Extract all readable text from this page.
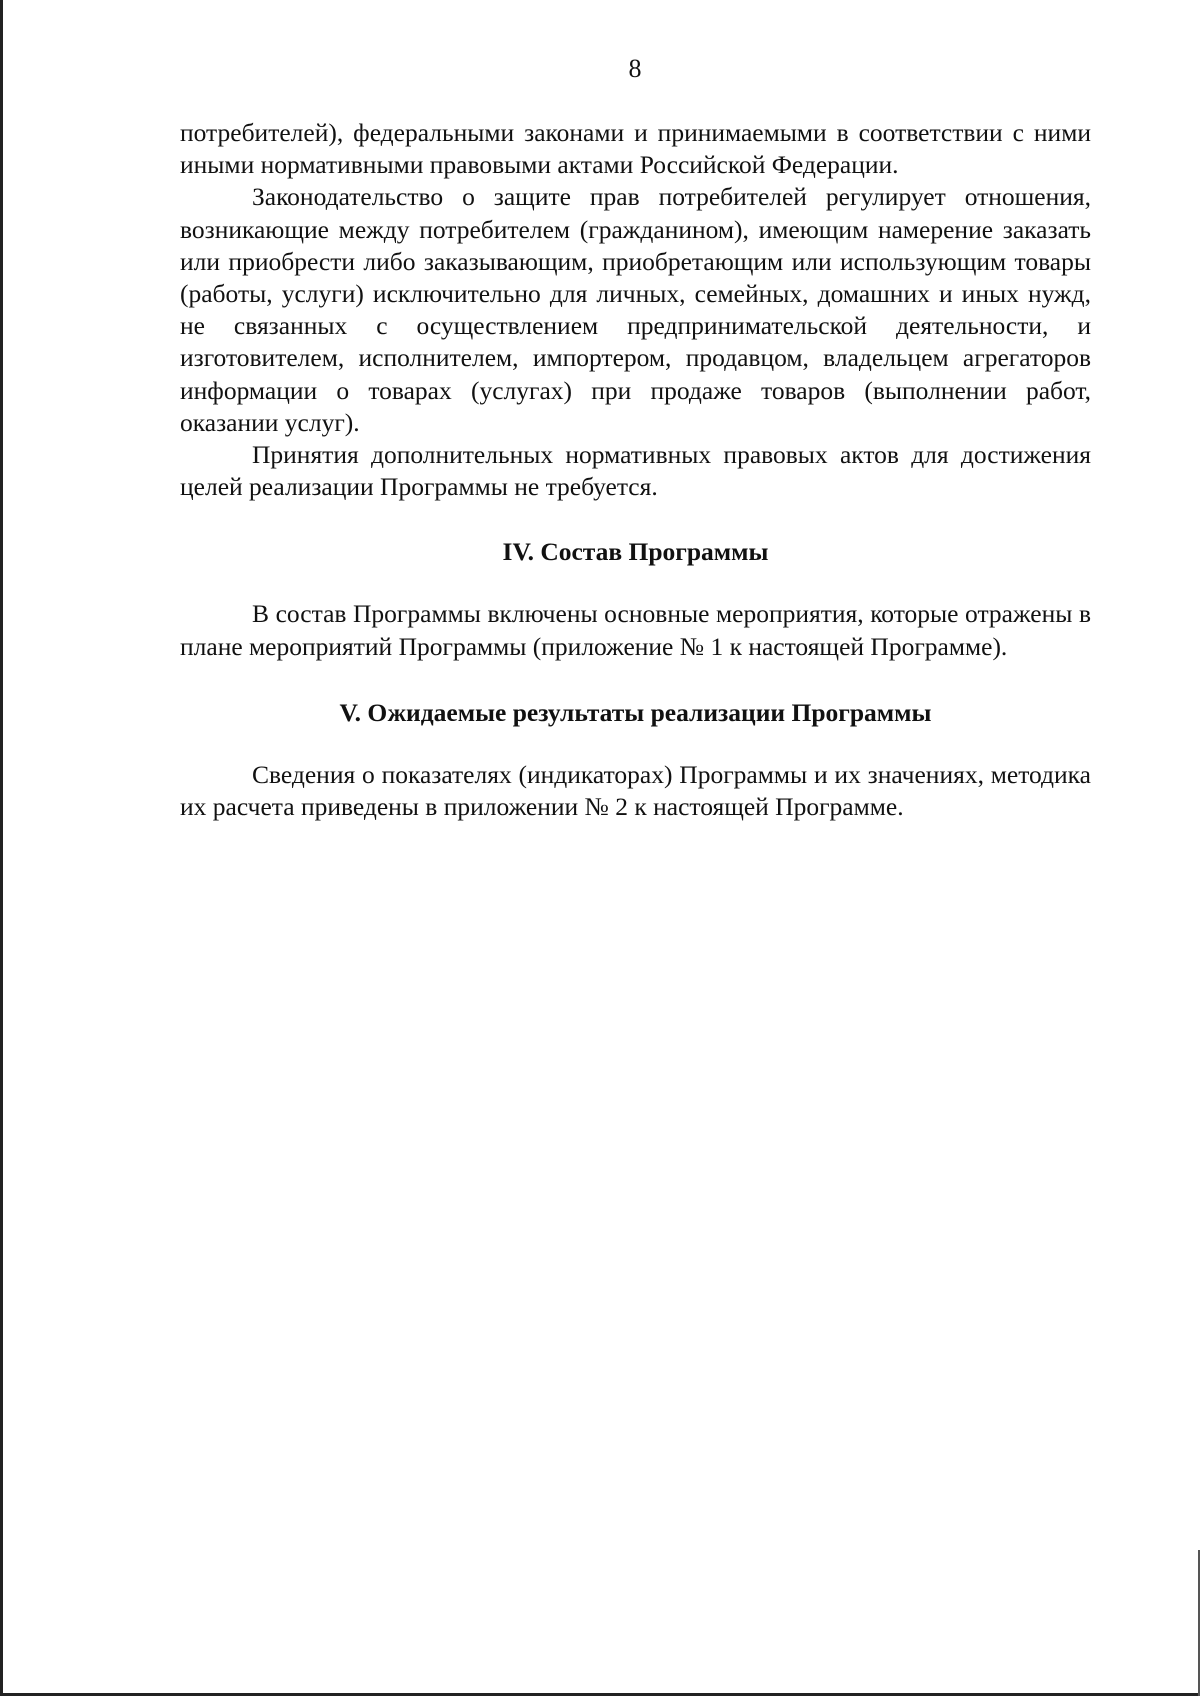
8

потребителей), федеральными законами и принимаемыми в соответствии с ними иными нормативными правовыми актами Российской Федерации.

Законодательство о защите прав потребителей регулирует отношения, возникающие между потребителем (гражданином), имеющим намерение заказать или приобрести либо заказывающим, приобретающим или использующим товары (работы, услуги) исключительно для личных, семейных, домашних и иных нужд, не связанных с осуществлением предпринимательской деятельности, и изготовителем, исполнителем, импортером, продавцом, владельцем агрегаторов информации о товарах (услугах) при продаже товаров (выполнении работ, оказании услуг).

Принятия дополнительных нормативных правовых актов для достижения целей реализации Программы не требуется.

IV. Состав Программы

В состав Программы включены основные мероприятия, которые отражены в плане мероприятий Программы (приложение № 1 к настоящей Программе).

V. Ожидаемые результаты реализации Программы

Сведения о показателях (индикаторах) Программы и их значениях, методика их расчета приведены в приложении № 2 к настоящей Программе.
